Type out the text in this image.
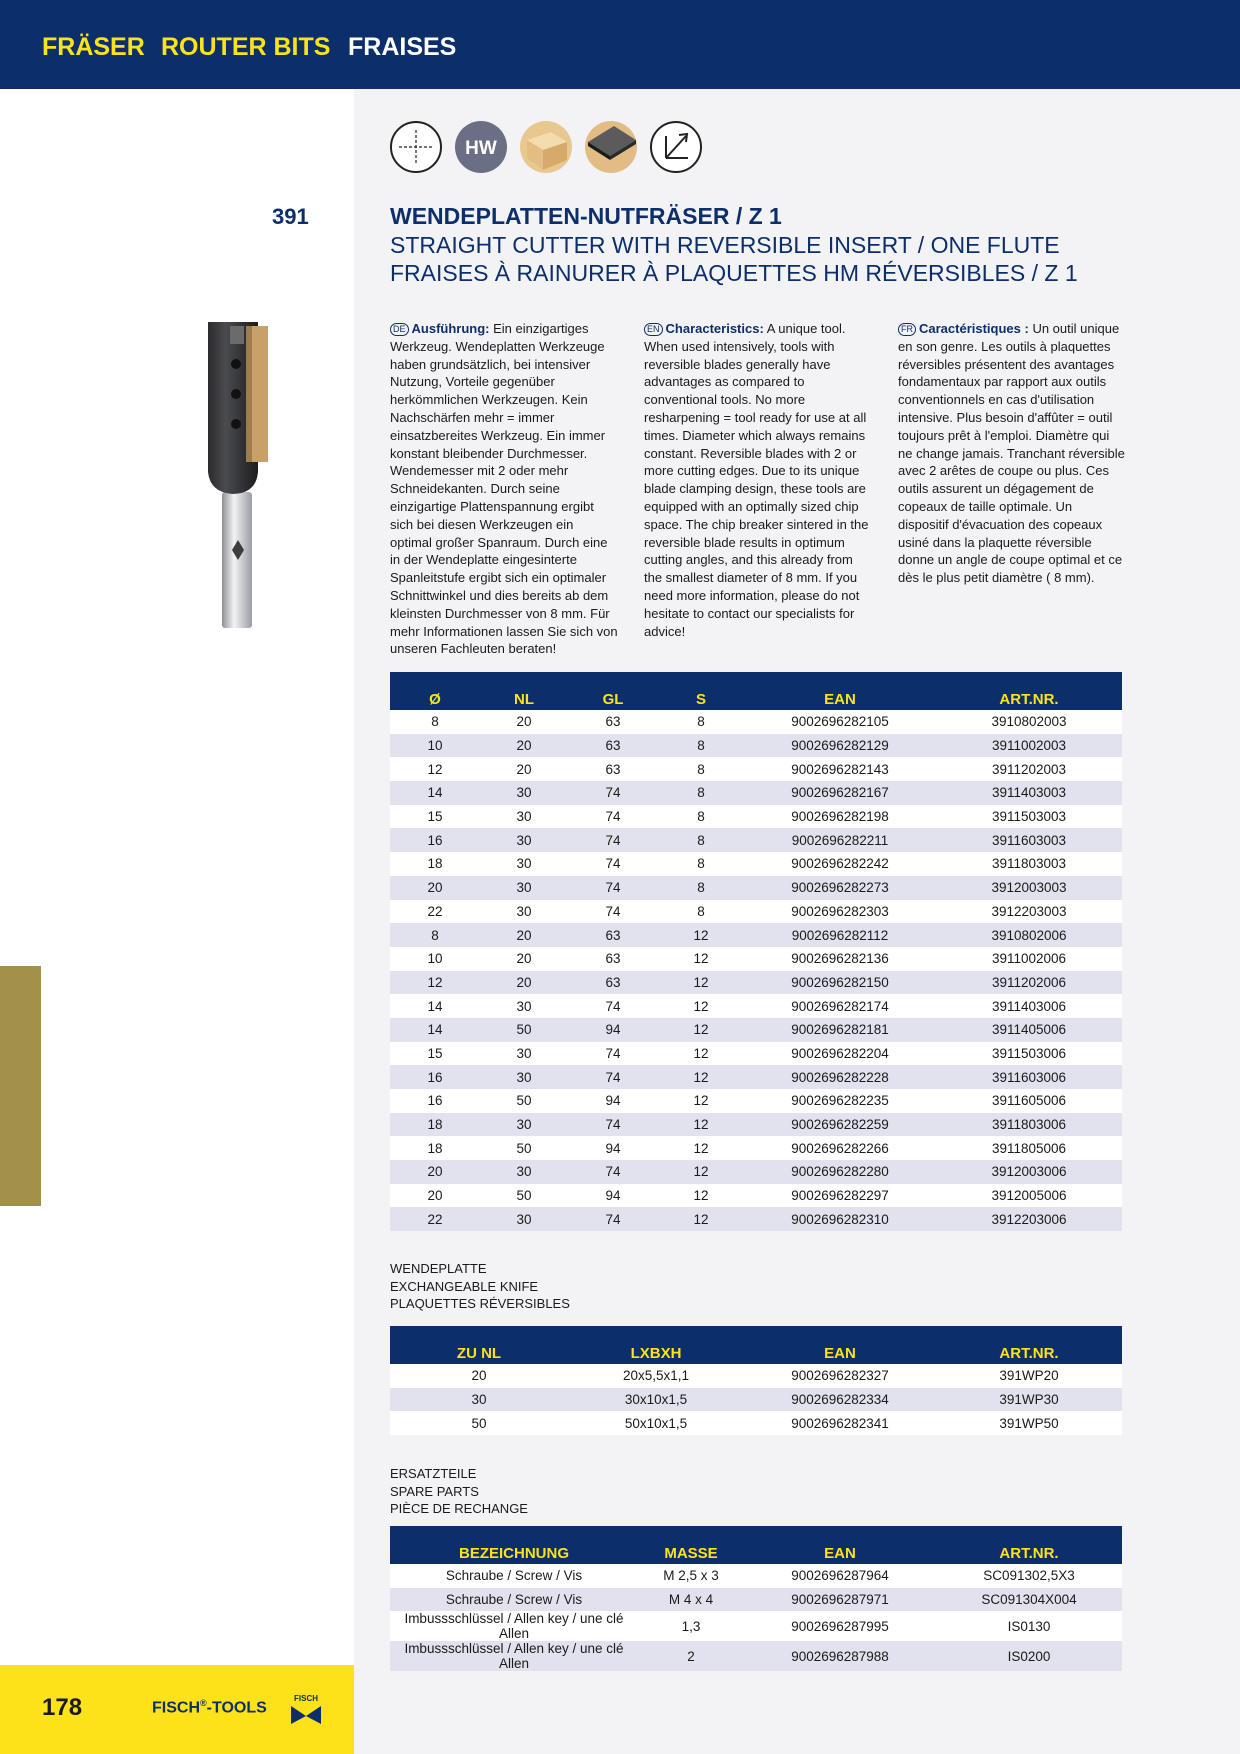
FRÄSER ROUTER BITS FRAISES
HW
391	WENDEPLATTEN-NUTFRÄSER / Z 1
STRAIGHT CUTTER WITH REVERSIBLE INSERT / ONE FLUTE
FRAISES À RAINURER À PLAQUETTES HM RÉVERSIBLES / Z 1
DE Ausführung: Ein einzigartiges Werkzeug. Wendeplatten Werkzeuge haben grundsätzlich, bei intensiver Nutzung, Vorteile gegenüber herkömmlichen Werkzeugen. Kein Nachschärfen mehr = immer einsatzbereites Werkzeug. Ein immer konstant bleibender Durchmesser. Wendemesser mit 2 oder mehr Schneidekanten. Durch seine einzigartige Plattenspannung ergibt sich bei diesen Werkzeugen ein optimal großer Spanraum. Durch eine in der Wendeplatte eingesinterte Spanleitstufe ergibt sich ein optimaler Schnittwinkel und dies bereits ab dem kleinsten Durchmesser von 8 mm. Für mehr Informationen lassen Sie sich von unseren Fachleuten beraten!
EN Characteristics: A unique tool. When used intensively, tools with reversible blades generally have advantages as compared to conventional tools. No more resharpening = tool ready for use at all times. Diameter which always remains constant. Reversible blades with 2 or more cutting edges. Due to its unique blade clamping design, these tools are equipped with an optimally sized chip space. The chip breaker sintered in the reversible blade results in optimum cutting angles, and this already from the smallest diameter of 8 mm. If you need more information, please do not hesitate to contact our specialists for advice!
FR Caractéristiques : Un outil unique en son genre. Les outils à plaquettes réversibles présentent des avantages fondamentaux par rapport aux outils conventionnels en cas d'utilisation intensive. Plus besoin d'affûter = outil toujours prêt à l'emploi. Diamètre qui ne change jamais. Tranchant réversible avec 2 arêtes de coupe ou plus. Ces outils assurent un dégagement de copeaux de taille optimale. Un dispositif d'évacuation des copeaux usiné dans la plaquette réversible donne un angle de coupe optimal et ce dès le plus petit diamètre ( 8 mm).
Ø	NL	GL	S	EAN	ART.NR.
8	20	63	8	9002696282105	3910802003
10	20	63	8	9002696282129	3911002003
12	20	63	8	9002696282143	3911202003
14	30	74	8	9002696282167	3911403003
15	30	74	8	9002696282198	3911503003
16	30	74	8	9002696282211	3911603003
18	30	74	8	9002696282242	3911803003
20	30	74	8	9002696282273	3912003003
22	30	74	8	9002696282303	3912203003
8	20	63	12	9002696282112	3910802006
10	20	63	12	9002696282136	3911002006
12	20	63	12	9002696282150	3911202006
14	30	74	12	9002696282174	3911403006
14	50	94	12	9002696282181	3911405006
15	30	74	12	9002696282204	3911503006
16	30	74	12	9002696282228	3911603006
16	50	94	12	9002696282235	3911605006
18	30	74	12	9002696282259	3911803006
18	50	94	12	9002696282266	3911805006
20	30	74	12	9002696282280	3912003006
20	50	94	12	9002696282297	3912005006
22	30	74	12	9002696282310	3912203006
WENDEPLATTE
EXCHANGEABLE KNIFE
PLAQUETTES RÉVERSIBLES
ZU NL	LXBXH	EAN	ART.NR.
20	20x5,5x1,1	9002696282327	391WP20
30	30x10x1,5	9002696282334	391WP30
50	50x10x1,5	9002696282341	391WP50
ERSATZTEILE
SPARE PARTS
PIÈCE DE RECHANGE
BEZEICHNUNG	MASSE	EAN	ART.NR.
Schraube / Screw / Vis	M 2,5 x 3	9002696287964	SC091302,5X3
Schraube / Screw / Vis	M 4 x 4	9002696287971	SC091304X004
Imbussschlüssel / Allen key / une clé Allen	1,3	9002696287995	IS0130
Imbussschlüssel / Allen key / une clé Allen	2	9002696287988	IS0200
178	FISCH®-TOOLS
FISCH
